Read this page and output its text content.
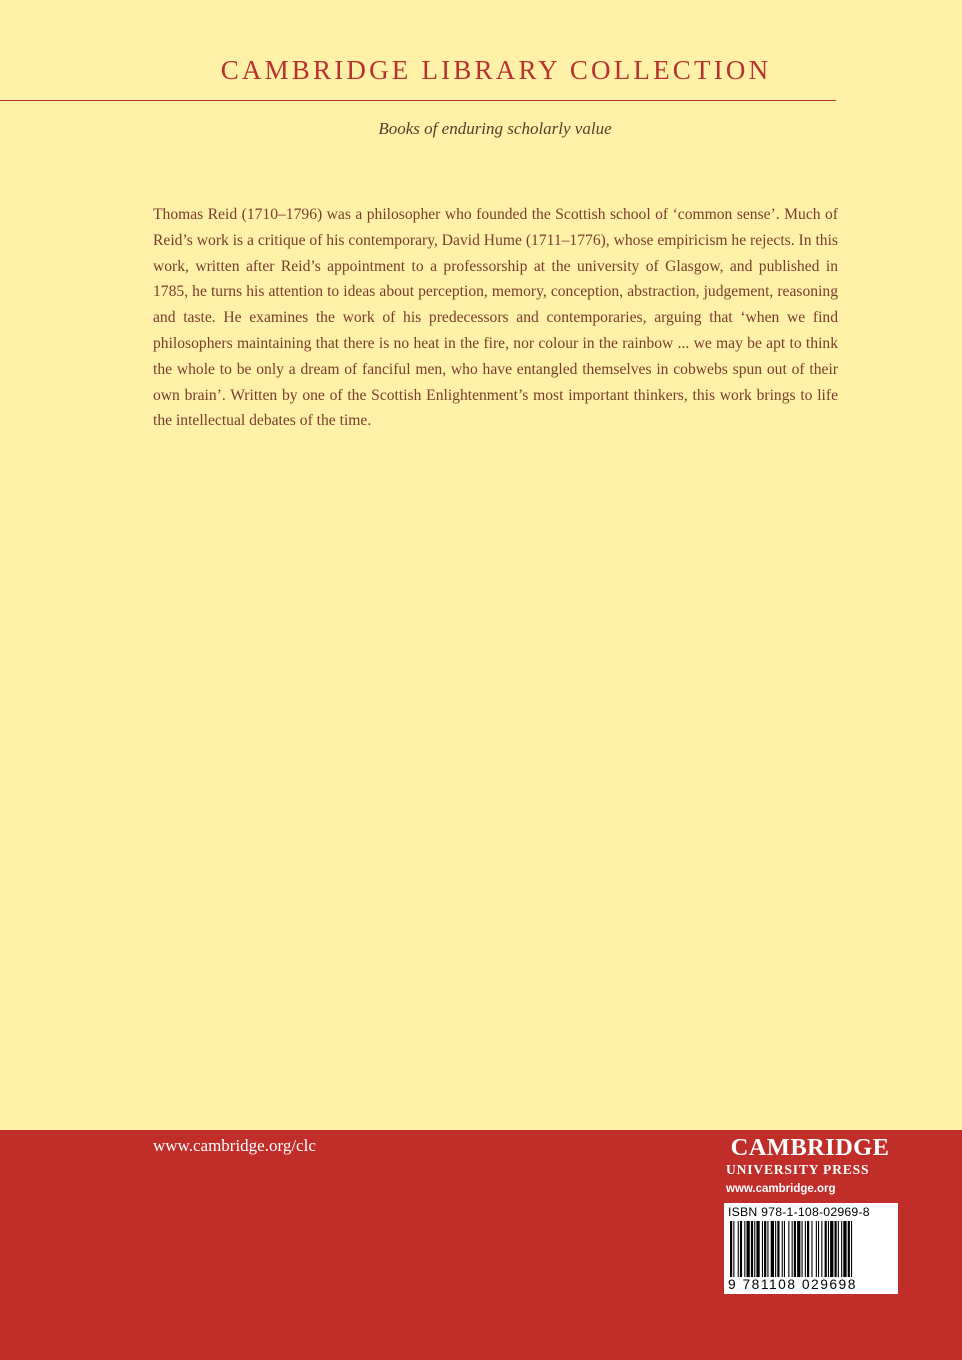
CAMBRIDGE LIBRARY COLLECTION
Books of enduring scholarly value

Thomas Reid (1710–1796) was a philosopher who founded the Scottish school of ‘common sense’. Much of Reid’s work is a critique of his contemporary, David Hume (1711–1776), whose empiricism he rejects. In this work, written after Reid’s appointment to a professorship at the university of Glasgow, and published in 1785, he turns his attention to ideas about perception, memory, conception, abstraction, judgement, reasoning and taste. He examines the work of his predecessors and contemporaries, arguing that ‘when we find philosophers maintaining that there is no heat in the fire, nor colour in the rainbow ... we may be apt to think the whole to be only a dream of fanciful men, who have entangled themselves in cobwebs spun out of their own brain’. Written by one of the Scottish Enlightenment’s most important thinkers, this work brings to life the intellectual debates of the time.

www.cambridge.org/clc	CAMBRIDGE
UNIVERSITY PRESS
www.cambridge.org
ISBN 978-1-108-02969-8
9 781108 029698
